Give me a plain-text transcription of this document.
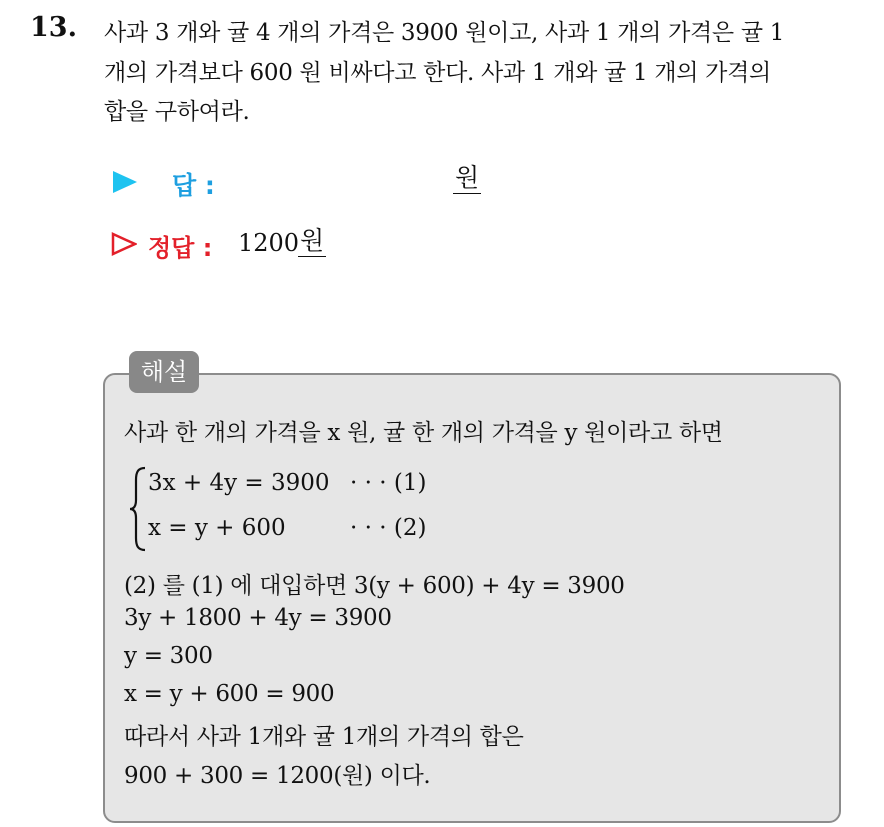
13. 사과 3 개와 귤 4 개의 가격은 3900 원이고, 사과 1 개의 가격은 귤 1
개의 가격보다 600 원 비싸다고 한다. 사과 1 개와 귤 1 개의 가격의
합을 구하여라.
답 :	원
정답 : 1200 원
해설
사과 한 개의 가격을 x 원, 귤 한 개의 가격을 y 원이라고 하면
3x + 4y = 3900 · · · (1)
x = y + 600	· · · (2)
(2) 를 (1) 에 대입하면 3(y + 600) + 4y = 3900
3y + 1800 + 4y = 3900
y = 300
x = y + 600 = 900
따라서 사과 1개와 귤 1개의 가격의 합은
900 + 300 = 1200(원) 이다.
